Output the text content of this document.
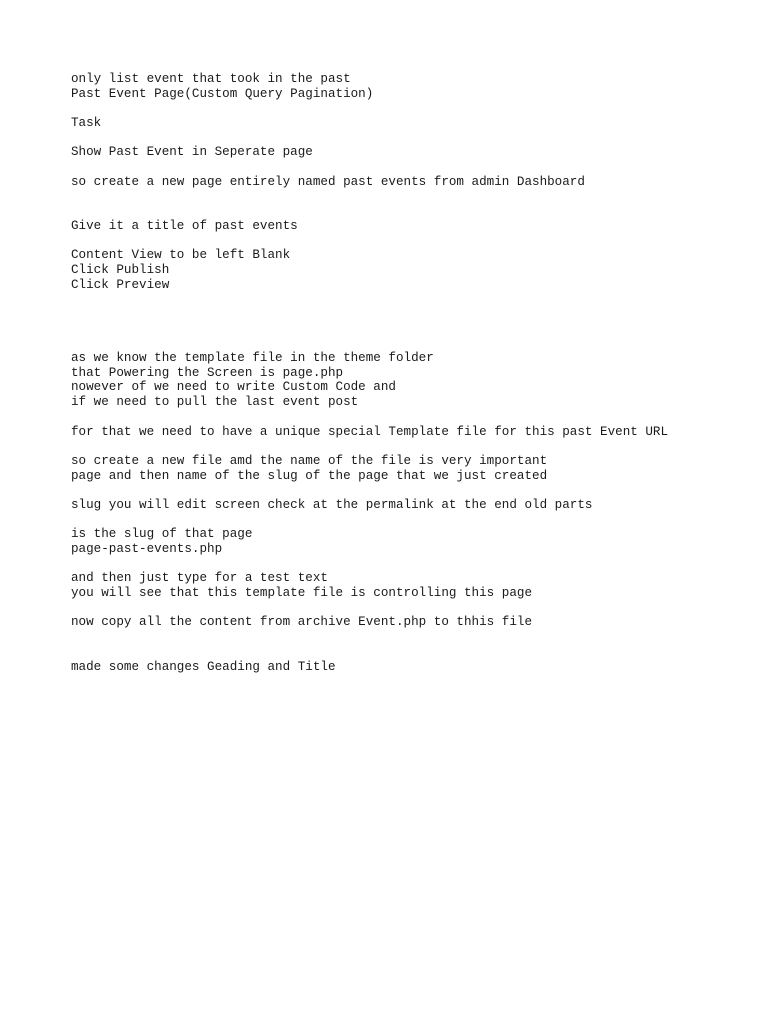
only list event that took in the past
Past Event Page(Custom Query Pagination)
Task
Show Past Event in Seperate page
so create a new page entirely named past events from admin Dashboard
Give it a title of past events
Content View to be left Blank
Click Publish
Click Preview
as we know the template file in the theme folder
that Powering the Screen is page.php
nowever of we need to write Custom Code and
if we need to pull the last event post
for that we need to have a unique special Template file for this past Event URL
so create a new file amd the name of the file is very important
page and then name of the slug of the page that we just created
slug you will edit screen check at the permalink at the end old parts
is the slug of that page
page-past-events.php
and then just type for a test text
you will see that this template file is controlling this page
now copy all the content from archive Event.php to thhis file
made some changes Geading and Title
